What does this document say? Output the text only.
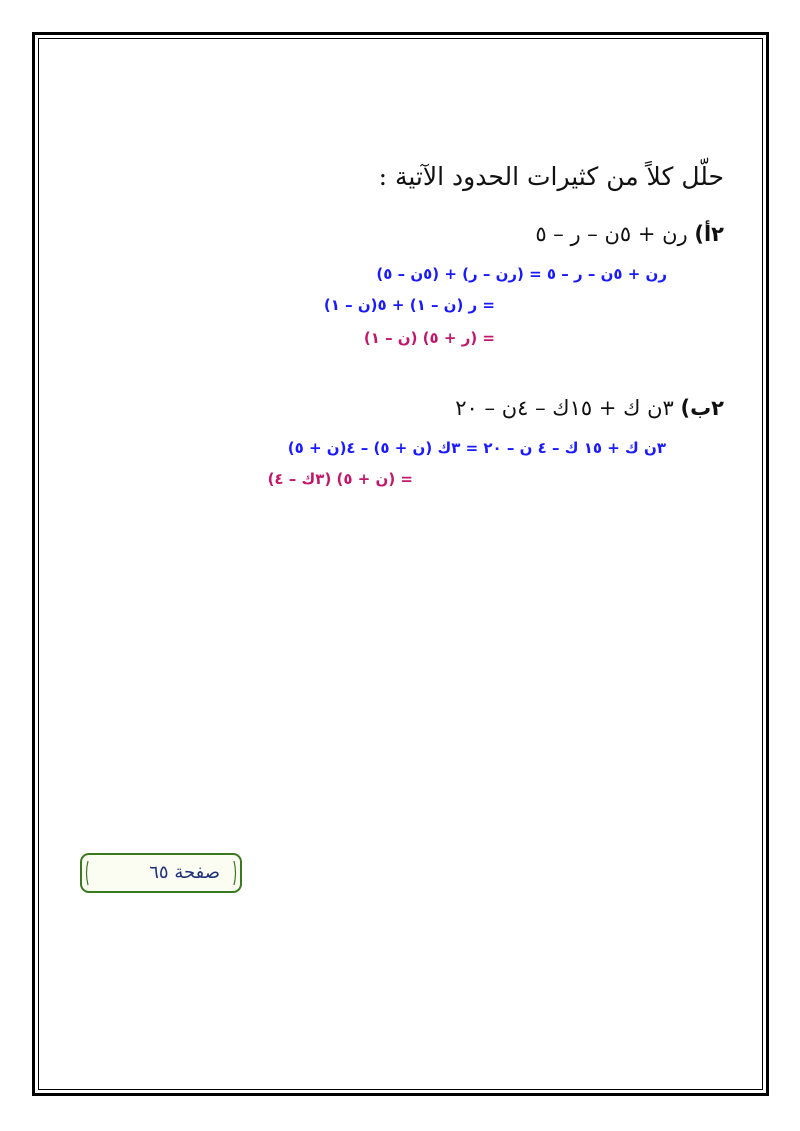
حلّل كلاً من كثيرات الحدود الآتية :
٢أ) رن + ٥ن – ر – ٥
رن + ٥ن – ر – ٥ = (رن – ر) + (٥ن – ٥)
= ر (ن – ١) + ٥(ن – ١)
= (ر + ٥) (ن – ١)
٢ب) ٣ن ك + ١٥ك – ٤ن – ٢٠
٣ن ك + ١٥ ك – ٤ ن – ٢٠ = ٣ك (ن + ٥) – ٤(ن + ٥)
= (ن + ٥) (٣ك – ٤)
صفحة ٦٥
